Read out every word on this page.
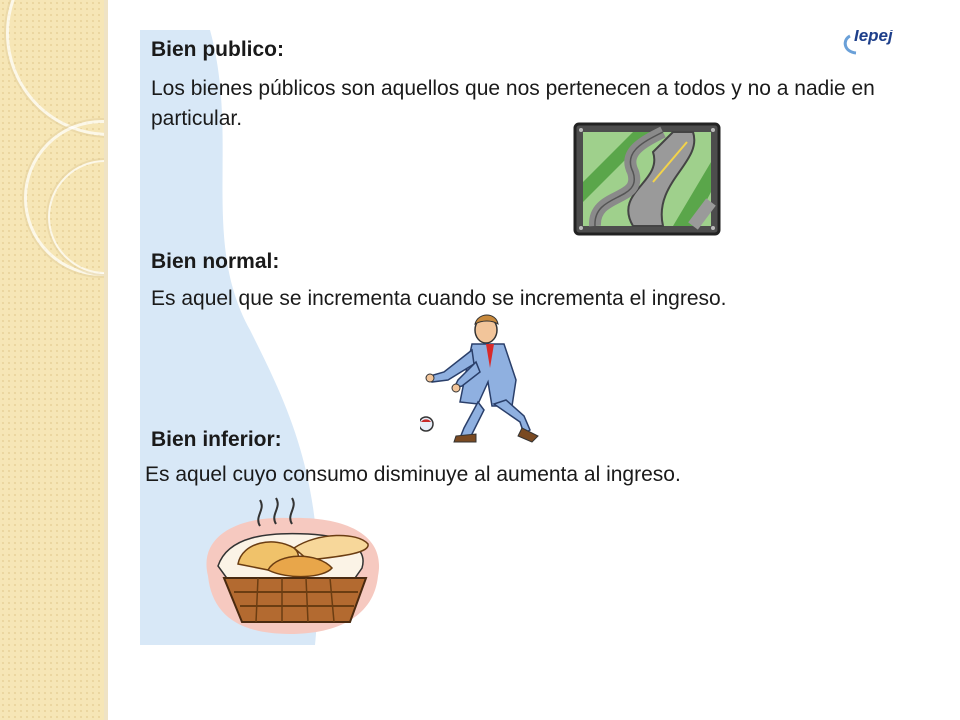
Iepej

Bien publico:

Los bienes públicos son aquellos que nos pertenecen a todos y no a nadie en particular.

Bien normal:

Es aquel que se incrementa cuando se incrementa el ingreso.

Bien inferior:

Es aquel cuyo consumo disminuye al aumenta al ingreso.
